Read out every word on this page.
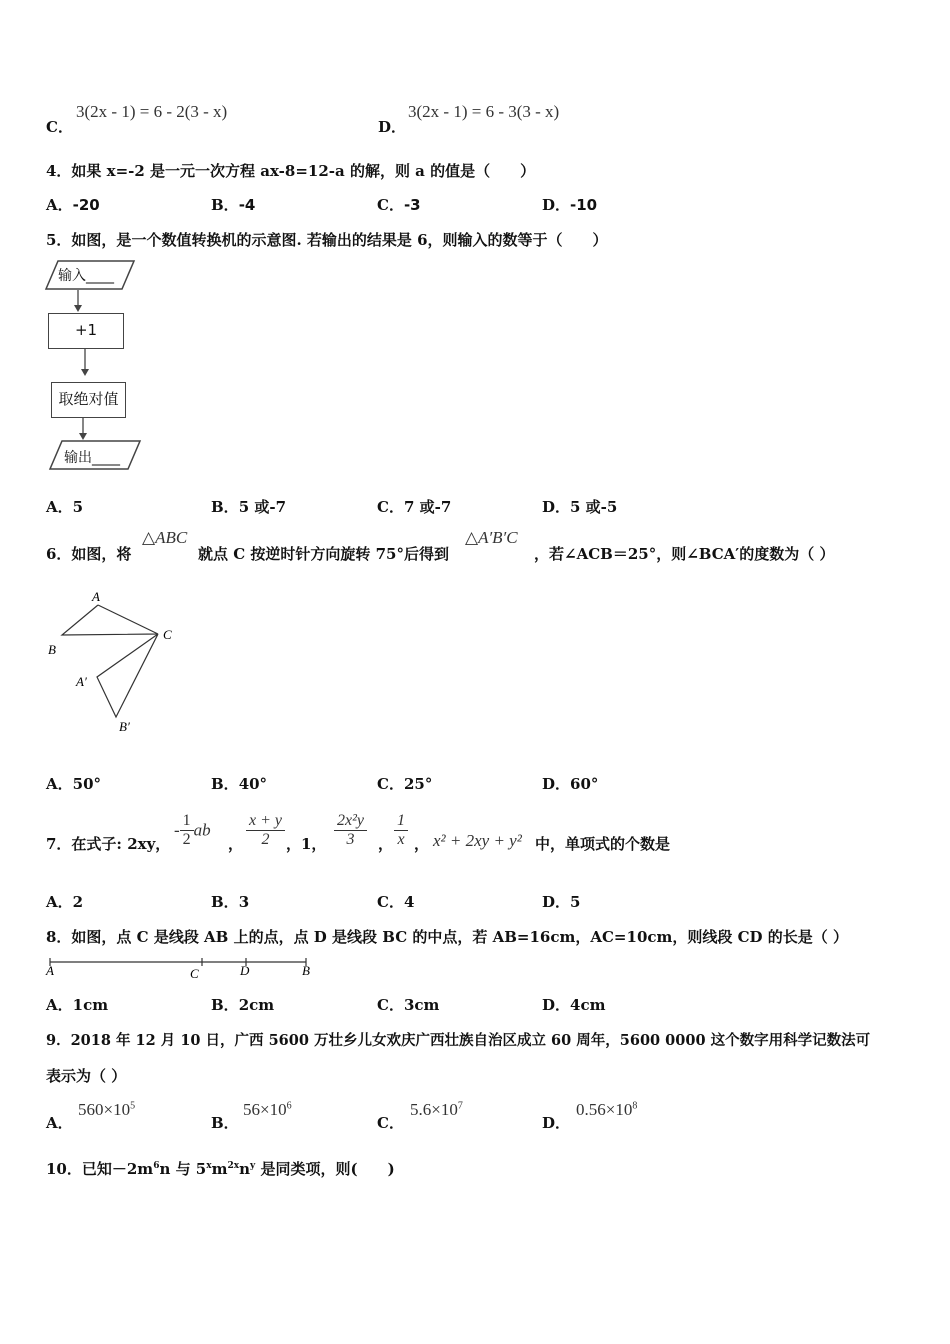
C．
3(2x - 1) = 6 - 2(3 - x)
D．
3(2x - 1) = 6 - 3(3 - x)
4．如果 x=-2 是一元一次方程 ax-8=12-a 的解，则 a 的值是（　　）
A．-20	B．-4	C．-3	D．-10
5．如图，是一个数值转换机的示意图. 若输出的结果是 6，则输入的数等于（　　）
输入____
+1
取绝对值
输出____
A．5	B．5 或-7	C．7 或-7	D．5 或-5
6．如图，将
△ABC
就点 C 按逆时针方向旋转 75°后得到
△A′B′C
，若∠ACB＝25°，则∠BCA′的度数为（ ）
A
B
C
A′
B′
A．50°	B．40°	C．25°	D．60°
7．在式子: 2xy，
- $\frac{1}{2}$ ab
， $\frac{x + y}{2}$ ，1， $\frac{\text{2x²y}}{3}$ ， $\frac{1}{x}$ ， x² + 2xy + y² 中，单项式的个数是
A．2	B．3	C．4	D．5
8．如图，点 C 是线段 AB 上的点，点 D 是线段 BC 的中点，若 AB=16cm，AC=10cm，则线段 CD 的长是（ ）
A	C	D	B
A．1cm	B．2cm	C．3cm	D．4cm
9．2018 年 12 月 10 日，广西 5600 万壮乡儿女欢庆广西壮族自治区成立 60 周年，5600 0000 这个数字用科学记数法可
表示为（ ）
A．
$560\times 10^5$
B．
$56\times 10^6$
C．
$5.6\times 10^7$
D．
$0.56\times 10^8$
10．已知$-2m^6n$ 与 $5^xm^{2x}n^y$ 是同类项，则(　　)
